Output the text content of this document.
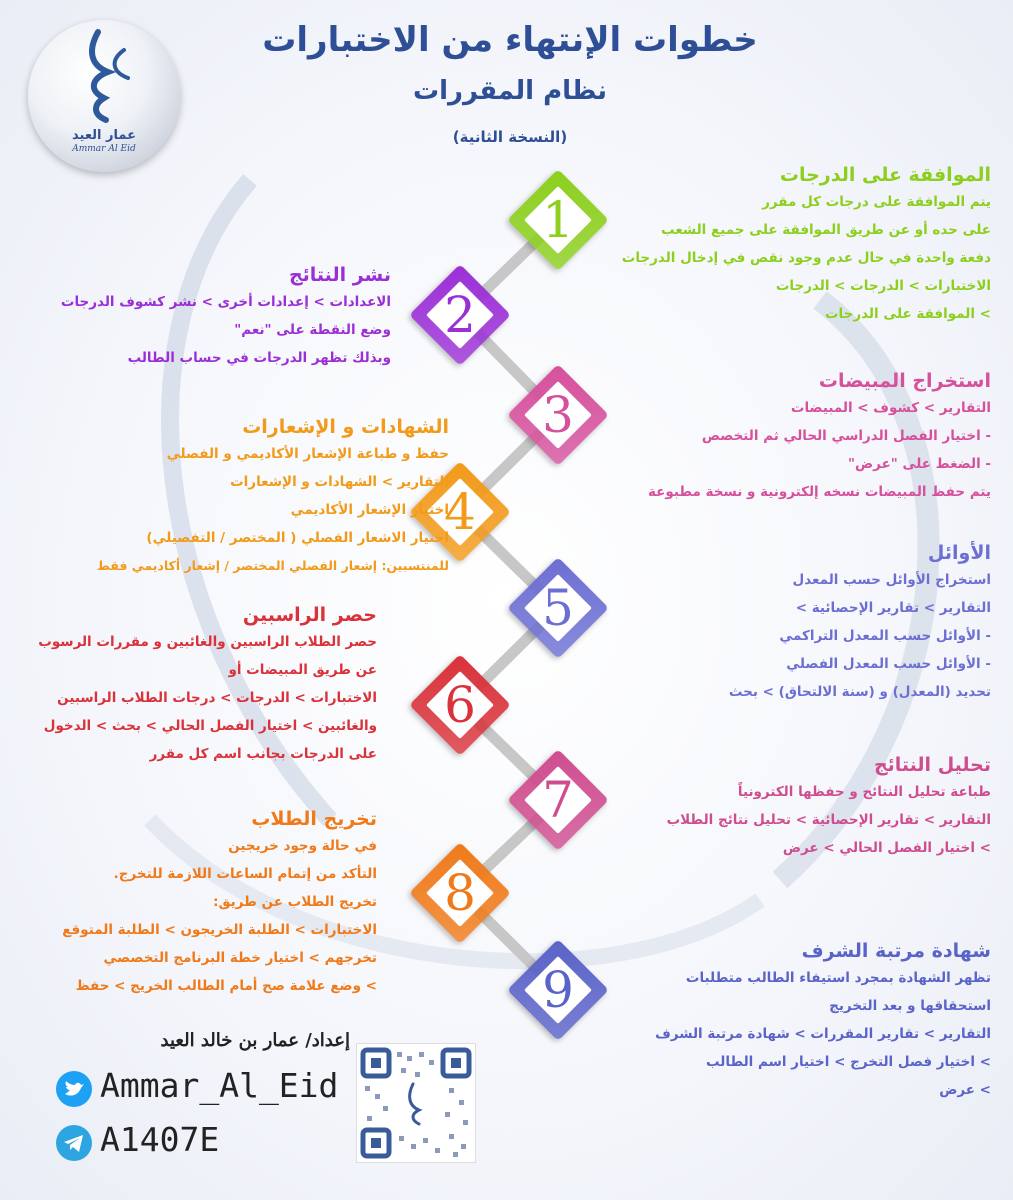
عمار العيد
Ammar Al Eid
خطوات الإنتهاء من الاختبارات
نظام المقررات
(النسخة الثانية)
1
2
3
4
5
6
7
8
9
الموافقة على الدرجات

يتم الموافقة على درجات كل مقرر

على حده أو عن طريق الموافقة على جميع الشعب

دفعة واحدة في حال عدم وجود نقص في إدخال الدرجات

الاختبارات > الدرجات > الدرجات

> الموافقة على الدرجات

نشر النتائج

الاعدادات > إعدادات أخرى > نشر كشوف الدرجات

وضع النقطة على "نعم"

وبذلك تظهر الدرجات في حساب الطالب

استخراج المبيضات

التقارير > كشوف > المبيضات

- اختيار الفصل الدراسي الحالي ثم التخصص

- الضغط على "عرض"

يتم حفظ المبيضات نسخه إلكترونية و نسخة مطبوعة

الشهادات و الإشعارات

حفظ و طباعة الإشعار الأكاديمي و الفصلي

التقارير > الشهادات و الإشعارات

اختيار الإشعار الأكاديمي

اختيار الاشعار الفصلي ( المختصر / التفصيلي)

للمنتسبين: إشعار الفصلي المختصر / إشعار أكاديمي فقط

الأوائل

استخراج الأوائل حسب المعدل

التقارير > تقارير الإحصائية >

- الأوائل حسب المعدل التراكمي

- الأوائل حسب المعدل الفصلي

تحديد (المعدل) و (سنة الالتحاق) > بحث

حصر الراسبين

حصر الطلاب الراسبين والغائبين و مقررات الرسوب

عن طريق المبيضات أو

الاختبارات > الدرجات > درجات الطلاب الراسبين

والغائبين > اختيار الفصل الحالي > بحث > الدخول

على الدرجات بجانب اسم كل مقرر	تحليل النتائج

طباعة تحليل النتائج و حفظها الكترونياً

التقارير > تقارير الإحصائية > تحليل نتائج الطلاب

> اختيار الفصل الحالي > عرض

تخريج الطلاب

في حالة وجود خريجين

التأكد من إتمام الساعات اللازمة للتخرج.

تخريج الطلاب عن طريق:

الاختبارات > الطلبة الخريجون > الطلبة المتوقع

تخرجهم > اختيار خطة البرنامج التخصصي

> وضع علامة صح أمام الطالب الخريج > حفظ

شهادة مرتبة الشرف

تظهر الشهادة بمجرد استيفاء الطالب متطلبات

استحقاقها و بعد التخريج

التقارير > تقارير المقررات > شهادة مرتبة الشرف

> اختيار فصل التخرج > اختيار اسم الطالب

> عرض

إعداد/ عمار بن خالد العيد
Ammar_Al_Eid
A1407E
